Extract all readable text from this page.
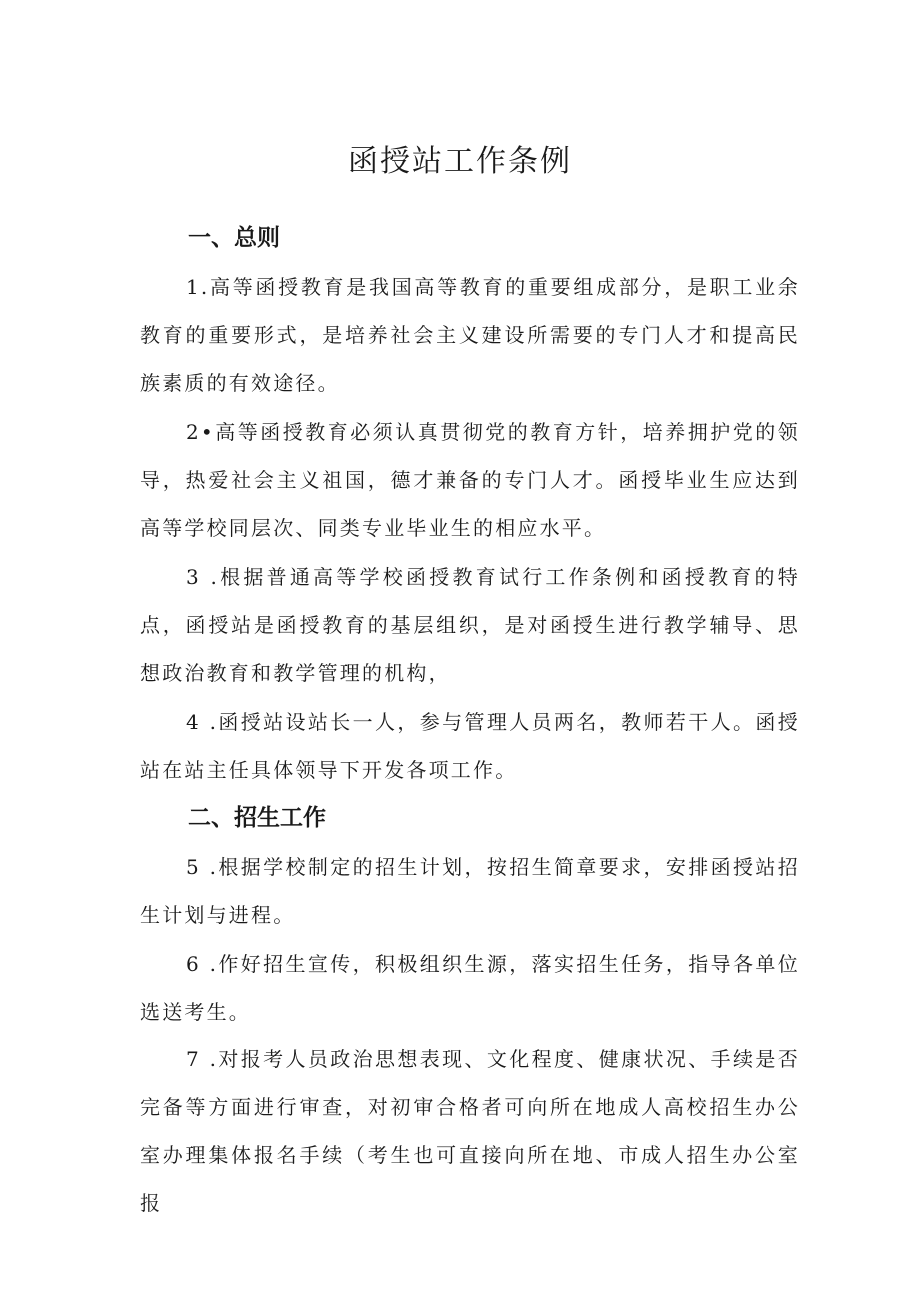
函授站工作条例
一、总则

1.高等函授教育是我国高等教育的重要组成部分，是职工业余教育的重要形式，是培养社会主义建设所需要的专门人才和提高民族素质的有效途径。

2•高等函授教育必须认真贯彻党的教育方针，培养拥护党的领导，热爱社会主义祖国，德才兼备的专门人才。函授毕业生应达到高等学校同层次、同类专业毕业生的相应水平。

3 .根据普通高等学校函授教育试行工作条例和函授教育的特点，函授站是函授教育的基层组织，是对函授生进行教学辅导、思想政治教育和教学管理的机构，

4 .函授站设站长一人，参与管理人员两名，教师若干人。函授站在站主任具体领导下开发各项工作。

二、招生工作

5 .根据学校制定的招生计划，按招生简章要求，安排函授站招生计划与进程。

6 .作好招生宣传，积极组织生源，落实招生任务，指导各单位选送考生。

7 .对报考人员政治思想表现、文化程度、健康状况、手续是否完备等方面进行审查，对初审合格者可向所在地成人高校招生办公室办理集体报名手续（考生也可直接向所在地、市成人招生办公室报
